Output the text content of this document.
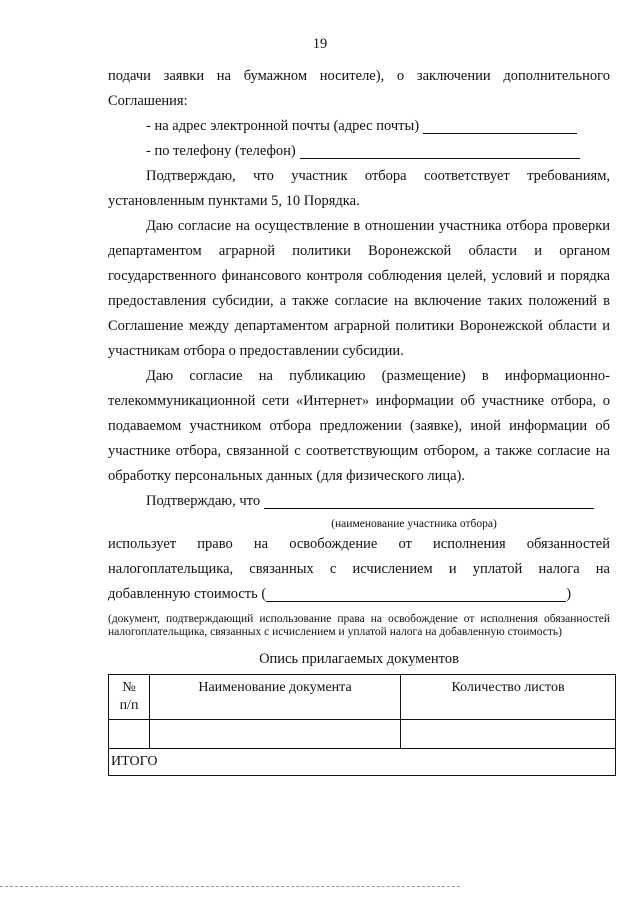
19

подачи заявки на бумажном носителе), о заключении дополнительного

Соглашения:

- на адрес электронной почты (адрес почты)
- по телефону (телефон)

Подтверждаю, что участник отбора соответствует требованиям, установленным пунктами 5, 10 Порядка.

Даю согласие на осуществление в отношении участника отбора проверки департаментом аграрной политики Воронежской области и органом государственного финансового контроля соблюдения целей, условий и порядка предоставления субсидии, а также согласие на включение таких положений в Соглашение между департаментом аграрной политики Воронежской области и участникам отбора о предоставлении субсидии.

Даю согласие на публикацию (размещение) в информационно-телекоммуникационной сети «Интернет» информации об участнике отбора, о подаваемом участником отбора предложении (заявке), иной информации об участнике отбора, связанной с соответствующим отбором, а также согласие на обработку персональных данных (для физического лица).

Подтверждаю, что
(наименование участника отбора)

использует право на освобождение от исполнения обязанностей

налогоплательщика, связанных с исчислением и уплатой налога на

добавленную стоимость (	)
(документ, подтверждающий использование права на освобождение от исполнения обязанностей налогоплательщика, связанных с исчислением и уплатой налога на добавленную стоимость)
Опись прилагаемых документов
№ п/п	Наименование документа	Количество листов

ИТОГО		
